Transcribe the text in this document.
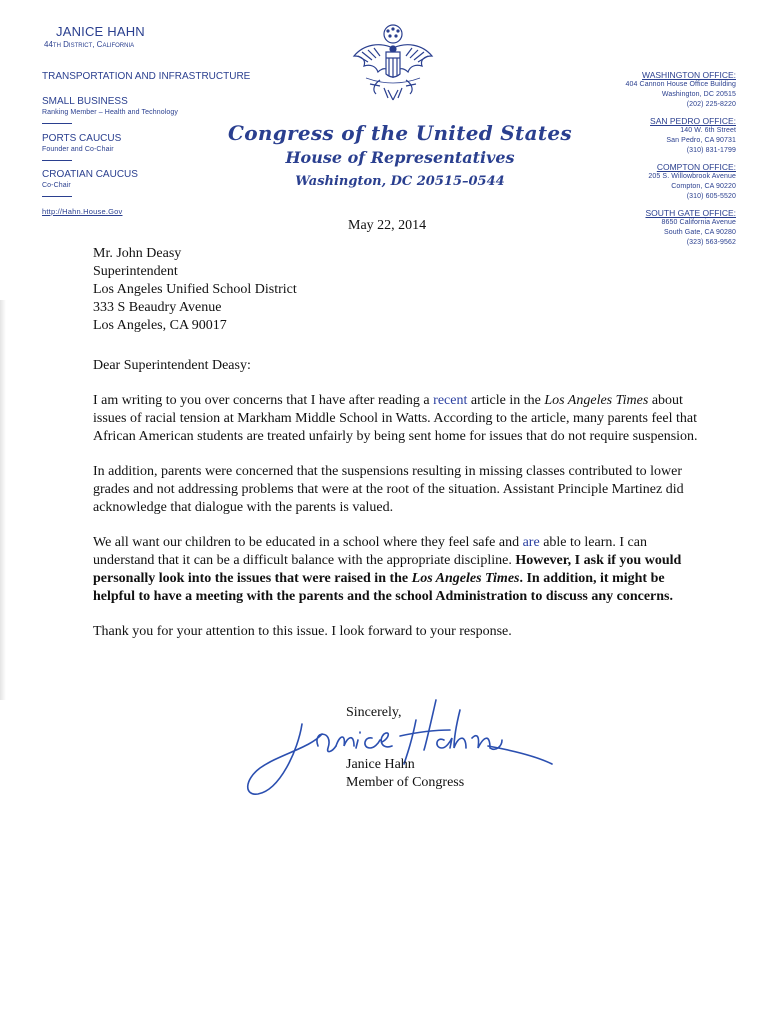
JANICE HAHN
44th District, California
TRANSPORTATION AND INFRASTRUCTURE
SMALL BUSINESS
Ranking Member – Health and Technology
PORTS CAUCUS
Founder and Co-Chair
CROATIAN CAUCUS
Co-Chair
http://Hahn.House.Gov
Congress of the United States
House of Representatives
Washington, DC 20515–0544
WASHINGTON OFFICE:
404 Cannon House Office Building
Washington, DC 20515
(202) 225-8220
SAN PEDRO OFFICE:
140 W. 6th Street
San Pedro, CA 90731
(310) 831-1799
COMPTON OFFICE:
205 S. Willowbrook Avenue
Compton, CA 90220
(310) 605-5520
SOUTH GATE OFFICE:
8650 California Avenue
South Gate, CA 90280
(323) 563-9562
May 22, 2014
Mr. John Deasy
Superintendent
Los Angeles Unified School District
333 S Beaudry Avenue
Los Angeles, CA 90017
Dear Superintendent Deasy:
I am writing to you over concerns that I have after reading a recent article in the Los Angeles Times about issues of racial tension at Markham Middle School in Watts. According to the article, many parents feel that African American students are treated unfairly by being sent home for issues that do not require suspension.
In addition, parents were concerned that the suspensions resulting in missing classes contributed to lower grades and not addressing problems that were at the root of the situation. Assistant Principle Martinez did acknowledge that dialogue with the parents is valued.
We all want our children to be educated in a school where they feel safe and are able to learn. I can understand that it can be a difficult balance with the appropriate discipline. However, I ask if you would personally look into the issues that were raised in the Los Angeles Times. In addition, it might be helpful to have a meeting with the parents and the school Administration to discuss any concerns.
Thank you for your attention to this issue. I look forward to your response.
Sincerely,
Janice Hahn
Member of Congress
